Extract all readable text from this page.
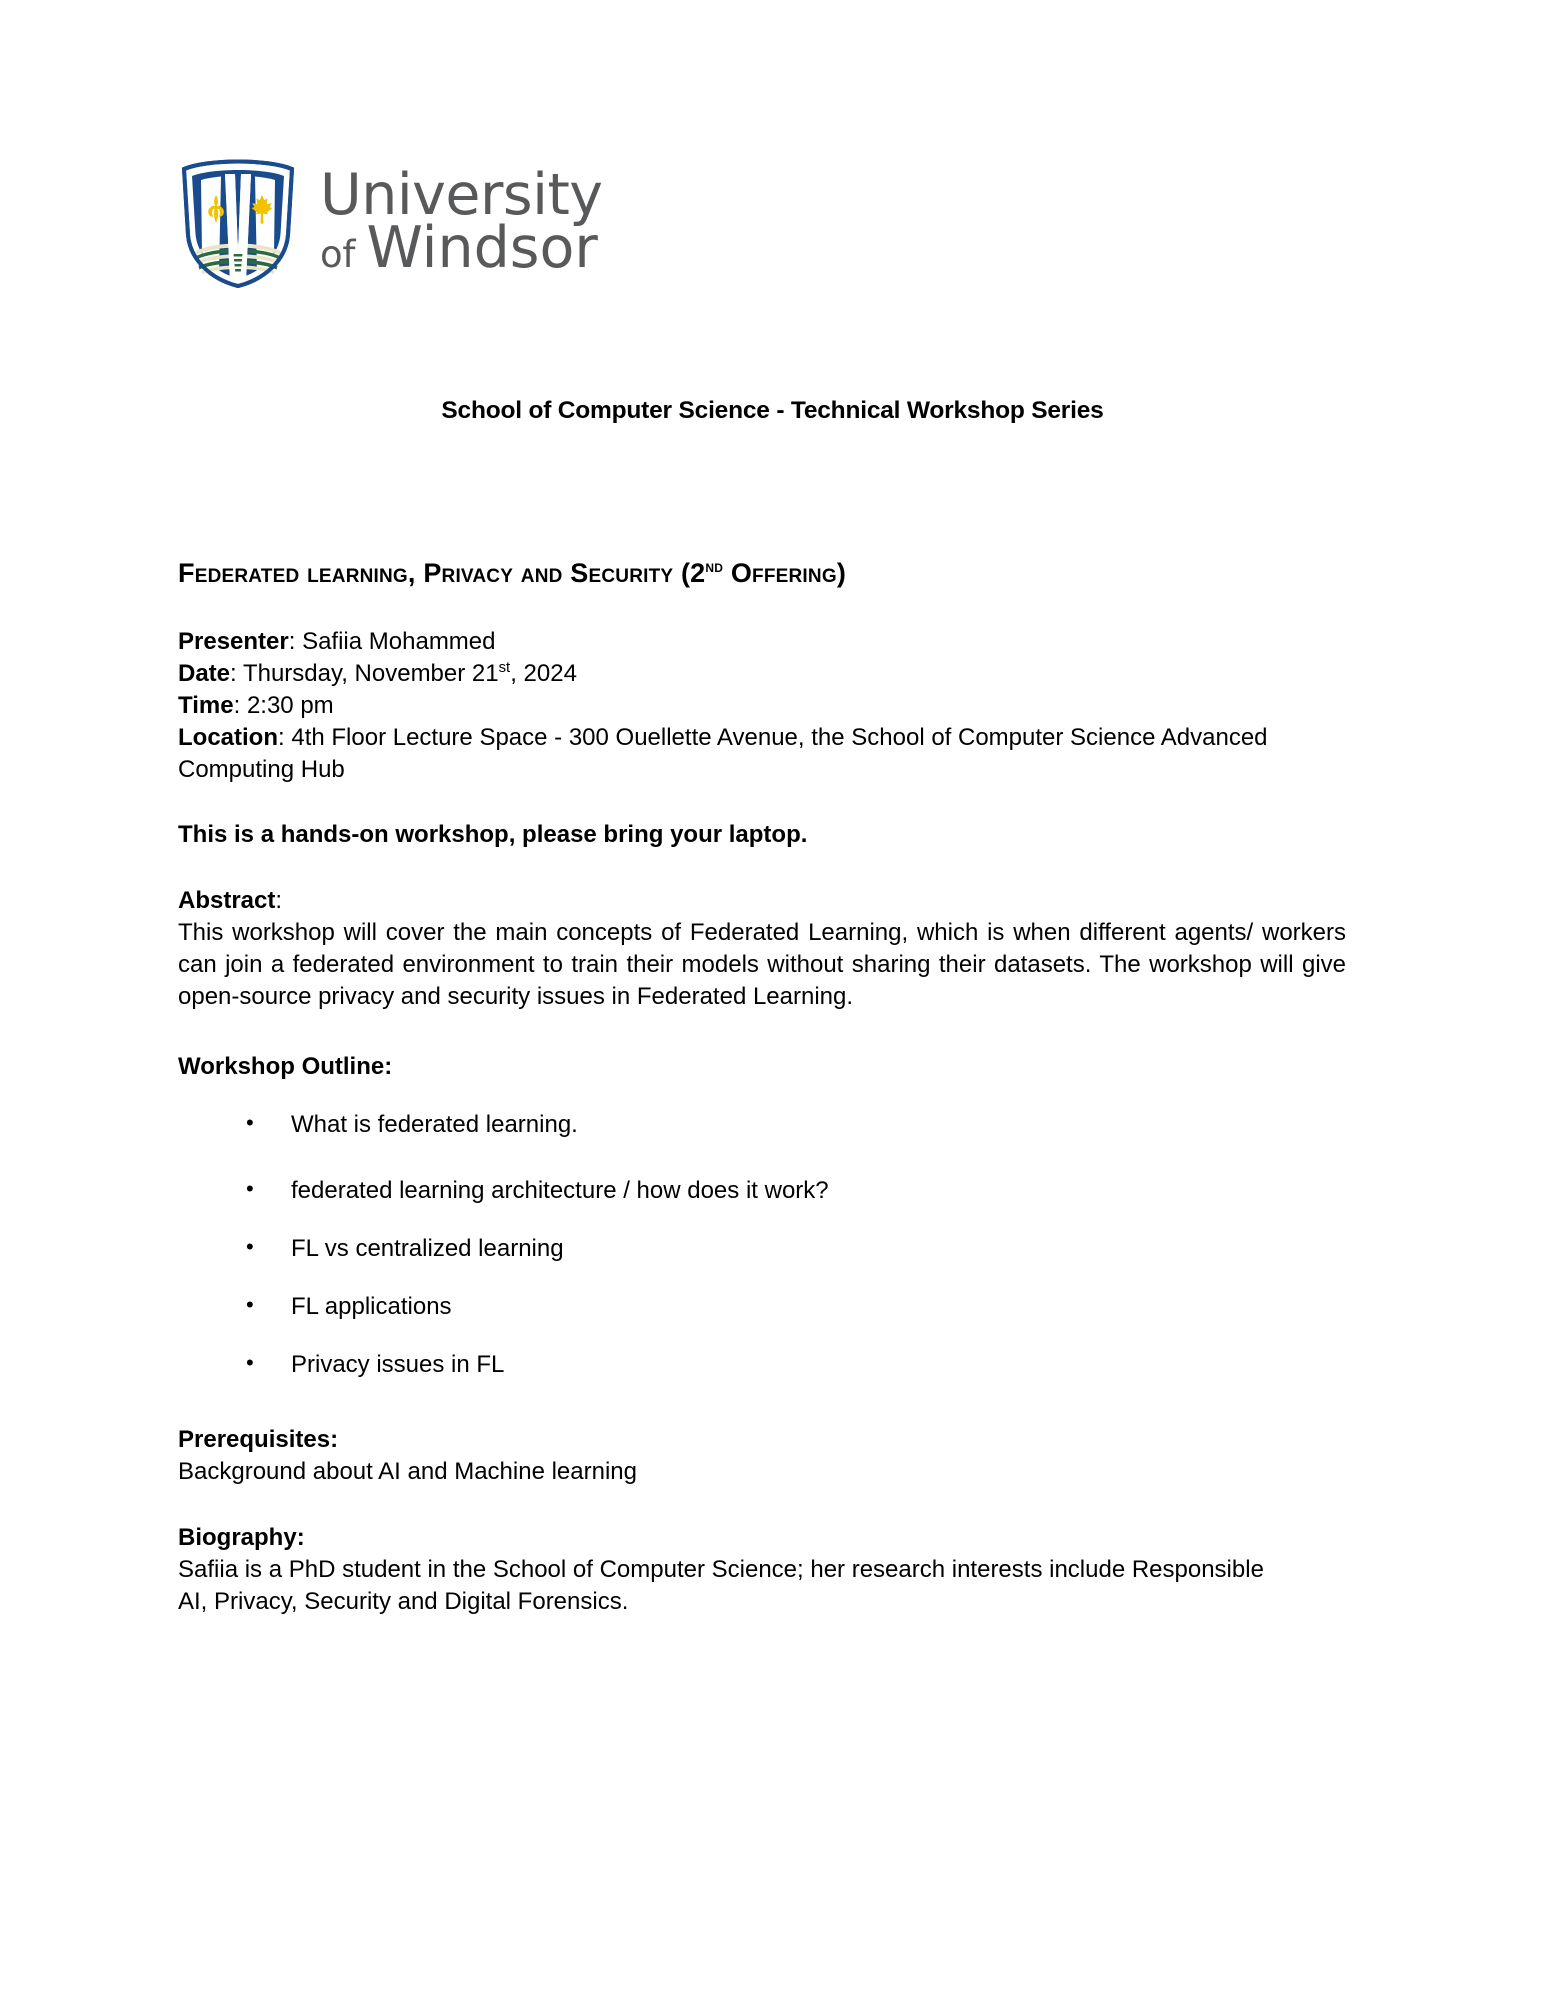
University
of Windsor
School of Computer Science - Technical Workshop Series
Federated learning, Privacy and Security (2nd Offering)
Presenter: Safiia Mohammed
Date: Thursday, November 21st, 2024
Time: 2:30 pm
Location: 4th Floor Lecture Space - 300 Ouellette Avenue, the School of Computer Science Advanced Computing Hub
This is a hands-on workshop, please bring your laptop.
Abstract:

This workshop will cover the main concepts of Federated Learning, which is when different agents/ workers can join a federated environment to train their models without sharing their datasets. The workshop will give open-source privacy and security issues in Federated Learning.

Workshop Outline:
• What is federated learning.
• federated learning architecture / how does it work?
• FL vs centralized learning
• FL applications
• Privacy issues in FL
Prerequisites:
Background about AI and Machine learning
Biography:
Safiia is a PhD student in the School of Computer Science; her research interests include Responsible AI, Privacy, Security and Digital Forensics.
